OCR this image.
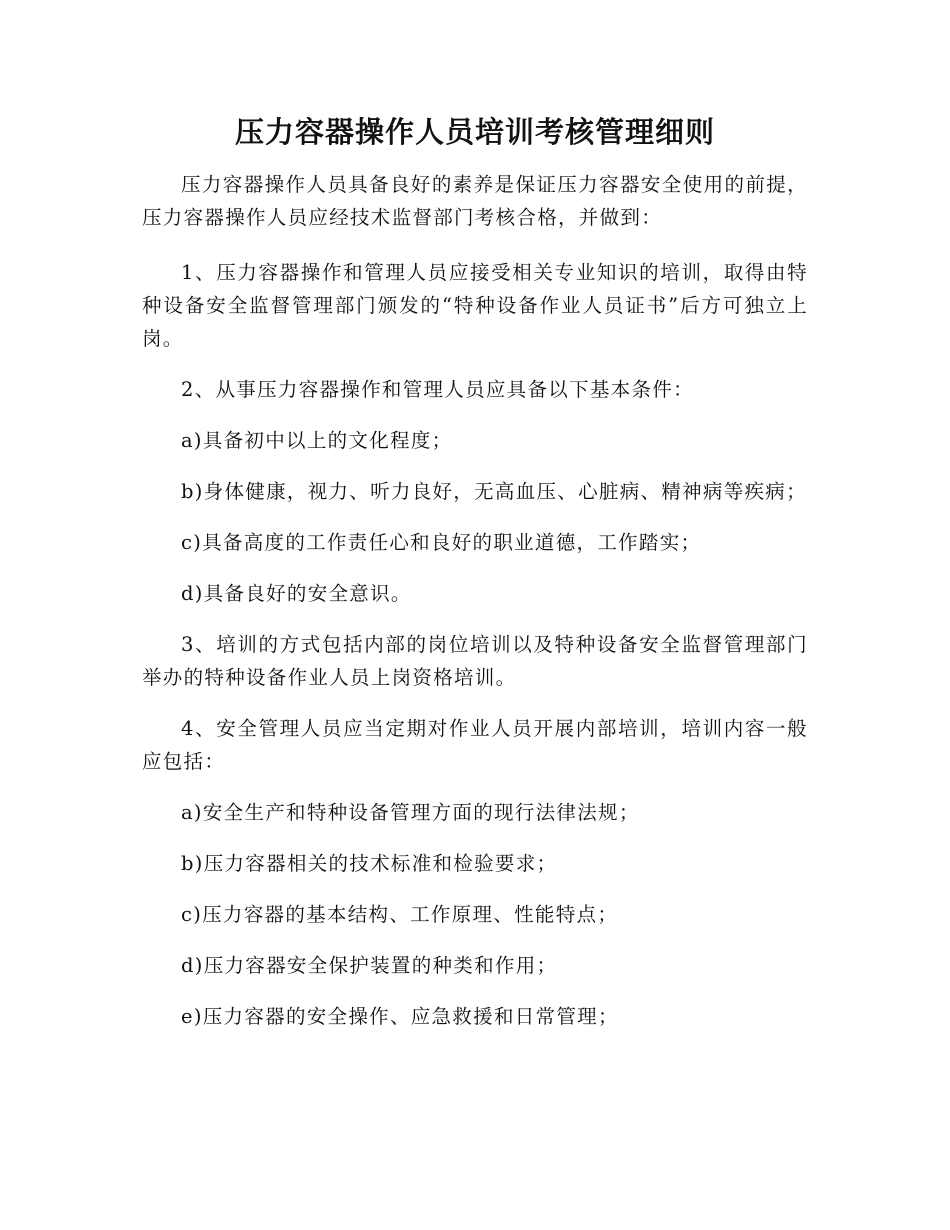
压力容器操作人员培训考核管理细则

压力容器操作人员具备良好的素养是保证压力容器安全使用的前提，压力容器操作人员应经技术监督部门考核合格，并做到：

1、压力容器操作和管理人员应接受相关专业知识的培训，取得由特种设备安全监督管理部门颁发的“特种设备作业人员证书”后方可独立上岗。

2、从事压力容器操作和管理人员应具备以下基本条件：

a)具备初中以上的文化程度；

b)身体健康，视力、听力良好，无高血压、心脏病、精神病等疾病；

c)具备高度的工作责任心和良好的职业道德，工作踏实；

d)具备良好的安全意识。

3、培训的方式包括内部的岗位培训以及特种设备安全监督管理部门举办的特种设备作业人员上岗资格培训。

4、安全管理人员应当定期对作业人员开展内部培训，培训内容一般应包括：

a)安全生产和特种设备管理方面的现行法律法规；

b)压力容器相关的技术标准和检验要求；

c)压力容器的基本结构、工作原理、性能特点；

d)压力容器安全保护装置的种类和作用；

e)压力容器的安全操作、应急救援和日常管理；
